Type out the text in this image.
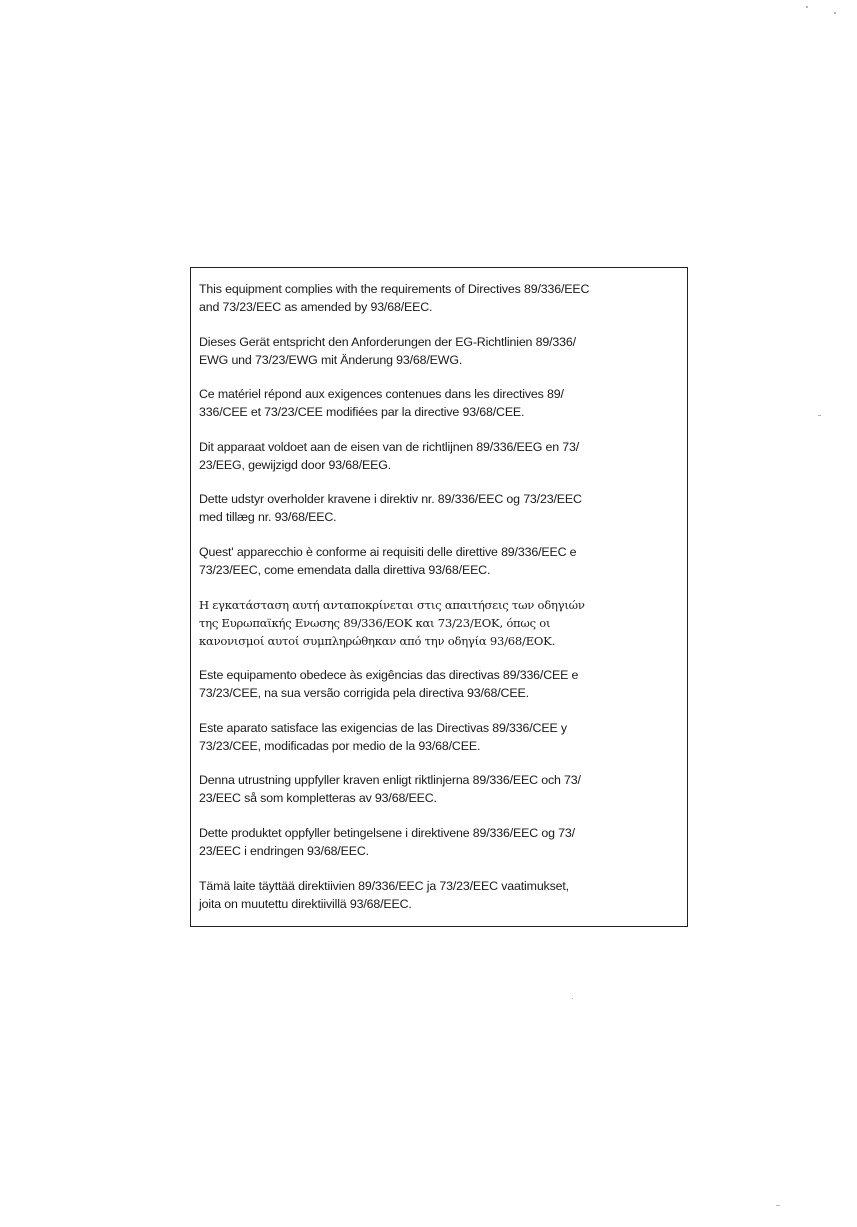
This equipment complies with the requirements of Directives 89/336/EEC
and 73/23/EEC as amended by 93/68/EEC.

Dieses Gerät entspricht den Anforderungen der EG-Richtlinien 89/336/
EWG und 73/23/EWG mit Änderung 93/68/EWG.

Ce matériel répond aux exigences contenues dans les directives 89/
336/CEE et 73/23/CEE modifiées par la directive 93/68/CEE.

Dit apparaat voldoet aan de eisen van de richtlijnen 89/336/EEG en 73/
23/EEG, gewijzigd door 93/68/EEG.

Dette udstyr overholder kravene i direktiv nr. 89/336/EEC og 73/23/EEC
med tillæg nr. 93/68/EEC.

Quest' apparecchio è conforme ai requisiti delle direttive 89/336/EEC e
73/23/EEC, come emendata dalla direttiva 93/68/EEC.

Η εγκατάσταση αυτή ανταποκρίνεται στις απαιτήσεις των οδηγιών
της Ευρωπαϊκής Ενωσης 89/336/ΕΟΚ και 73/23/ΕΟΚ, όπως οι
κανονισμοί αυτοί συμπληρώθηκαν από την οδηγία 93/68/ΕΟΚ.

Este equipamento obedece às exigências das directivas 89/336/CEE e
73/23/CEE, na sua versão corrigida pela directiva 93/68/CEE.

Este aparato satisface las exigencias de las Directivas 89/336/CEE y
73/23/CEE, modificadas por medio de la 93/68/CEE.

Denna utrustning uppfyller kraven enligt riktlinjerna 89/336/EEC och 73/
23/EEC så som kompletteras av 93/68/EEC.

Dette produktet oppfyller betingelsene i direktivene 89/336/EEC og 73/
23/EEC i endringen 93/68/EEC.

Tämä laite täyttää direktiivien 89/336/EEC ja 73/23/EEC vaatimukset,
joita on muutettu direktiivillä 93/68/EEC.
